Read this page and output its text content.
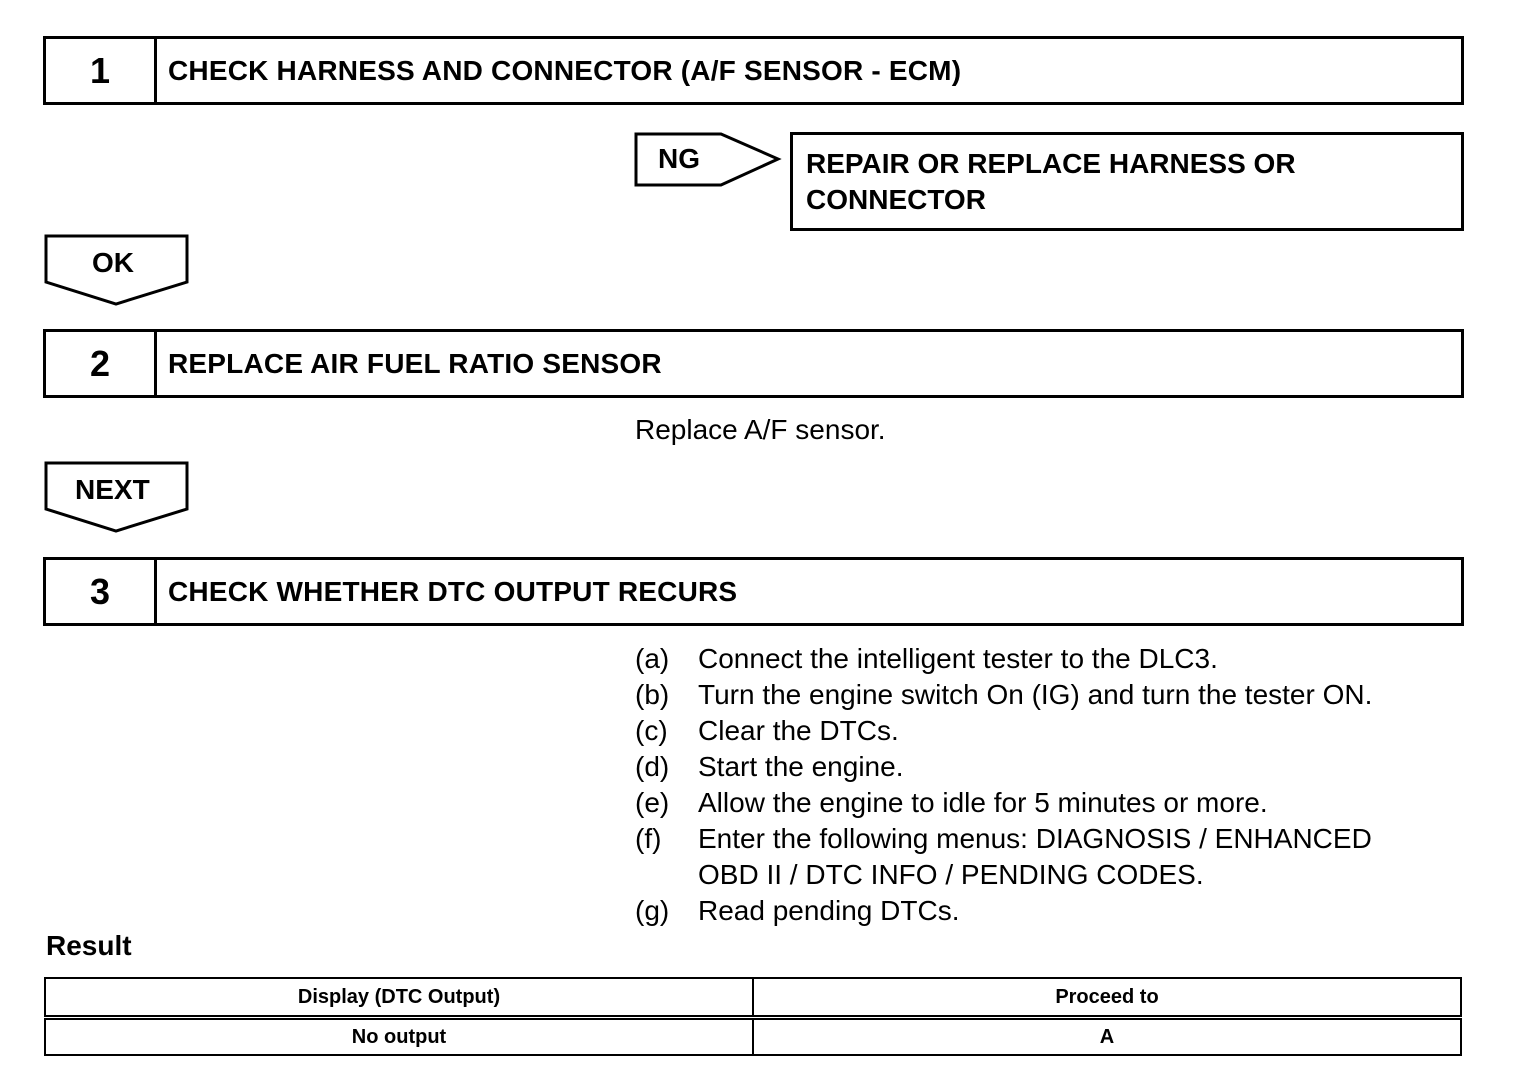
1	CHECK HARNESS AND CONNECTOR (A/F SENSOR - ECM)
NG	REPAIR OR REPLACE HARNESS OR
CONNECTOR
OK
2	REPLACE AIR FUEL RATIO SENSOR
Replace A/F sensor.
NEXT
3	CHECK WHETHER DTC OUTPUT RECURS
(a) Connect the intelligent tester to the DLC3.
(b) Turn the engine switch On (IG) and turn the tester ON.
(c) Clear the DTCs.
(d) Start the engine.
(e) Allow the engine to idle for 5 minutes or more.
(f) Enter the following menus: DIAGNOSIS / ENHANCED OBD II / DTC INFO / PENDING CODES.
(g) Read pending DTCs.
Result
Display (DTC Output)	Proceed to
No output	A
